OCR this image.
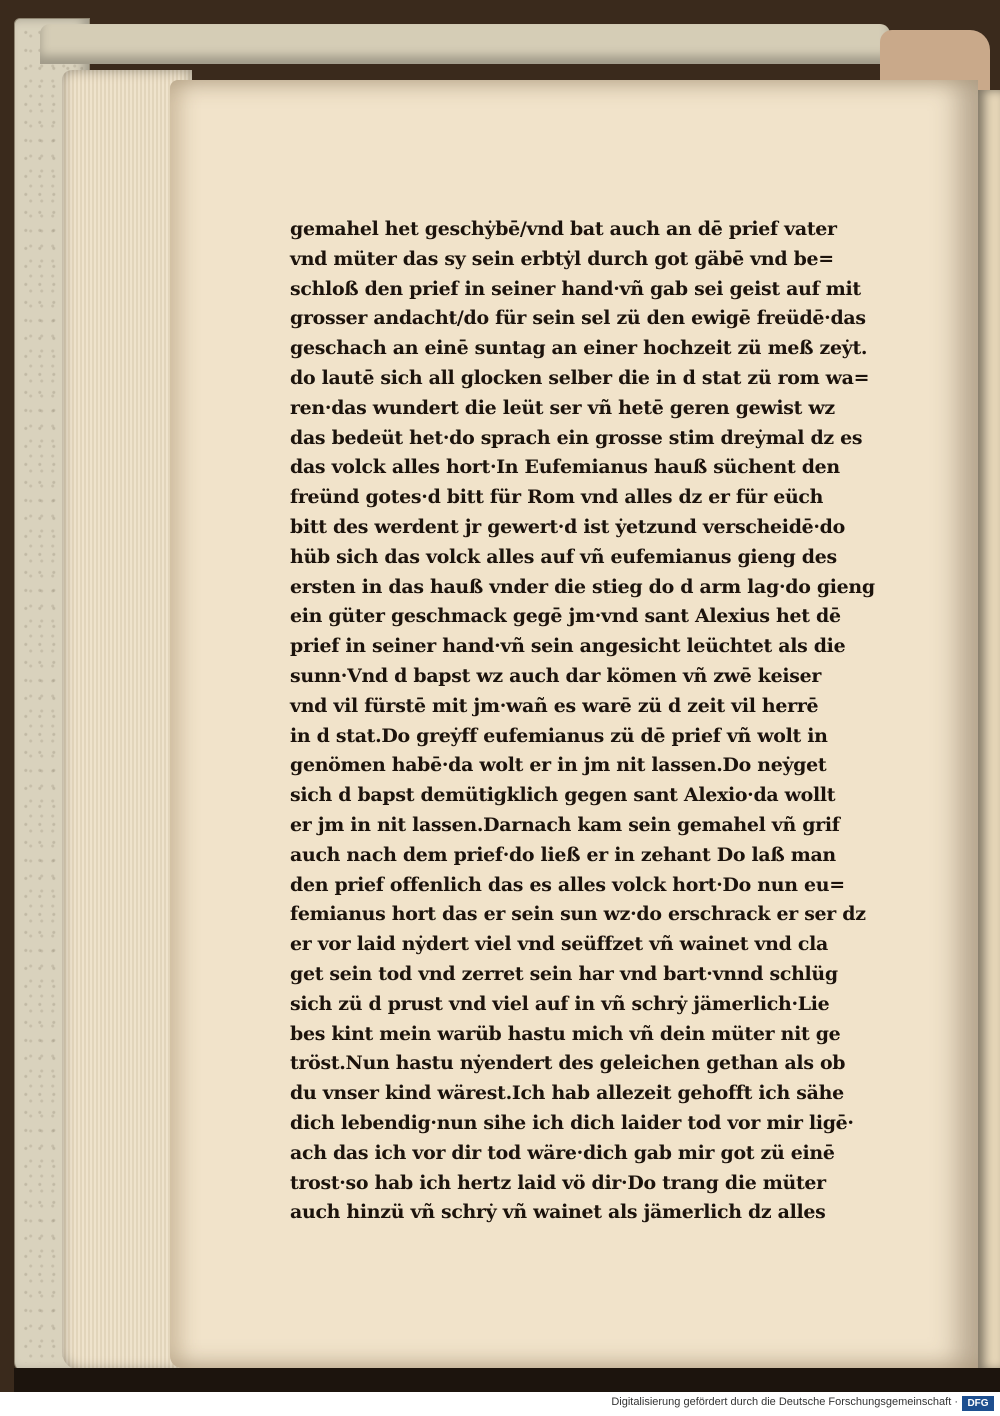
gemahel het geschẏbē/vnd bat auch an dē prief vater
vnd müter das sy sein erbtẏl durch got gäbē vnd be=
schloß den prief in seiner hand·vñ gab sei geist auf mit
grosser andacht/do für sein sel zü den ewigē freüdē·das
geschach an einē suntag an einer hochzeit zü meß zeẏt.
do lautē sich all glocken selber die in d stat zü rom wa=
ren·das wundert die leüt ser vñ hetē geren gewist wz
das bedeüt het·do sprach ein grosse stim dreẏmal dz es
das volck alles hort·In Eufemianus hauß süchent den
freünd gotes·d bitt für Rom vnd alles dz er für eüch
bitt des werdent jr gewert·d ist ẏetzund verscheidē·do
hüb sich das volck alles auf vñ eufemianus gieng des
ersten in das hauß vnder die stieg do d arm lag·do gieng
ein güter geschmack gegē jm·vnd sant Alexius het dē
prief in seiner hand·vñ sein angesicht leüchtet als die
sunn·Vnd d bapst wz auch dar kömen vñ zwē keiser
vnd vil fürstē mit jm·wañ es warē zü d zeit vil herrē
in d stat.Do greẏff eufemianus zü dē prief vñ wolt in
genömen habē·da wolt er in jm nit lassen.Do neẏget
sich d bapst demütigklich gegen sant Alexio·da wollt
er jm in nit lassen.Darnach kam sein gemahel vñ grif
auch nach dem prief·do ließ er in zehant Do laß man
den prief offenlich das es alles volck hort·Do nun eu=
femianus hort das er sein sun wz·do erschrack er ser dz
er vor laid nẏdert viel vnd seüffzet vñ wainet vnd cla
get sein tod vnd zerret sein har vnd bart·vnnd schlüg
sich zü d prust vnd viel auf in vñ schrẏ jämerlich·Lie
bes kint mein warüb hastu mich vñ dein müter nit ge
tröst.Nun hastu nẏendert des geleichen gethan als ob
du vnser kind wärest.Ich hab allezeit gehofft ich sähe
dich lebendig·nun sihe ich dich laider tod vor mir ligē·
ach das ich vor dir tod wäre·dich gab mir got zü einē
trost·so hab ich hertz laid vö dir·Do trang die müter
auch hinzü vñ schrẏ vñ wainet als jämerlich dz alles
Digitalisierung gefördert durch die Deutsche Forschungsgemeinschaft · DFG
